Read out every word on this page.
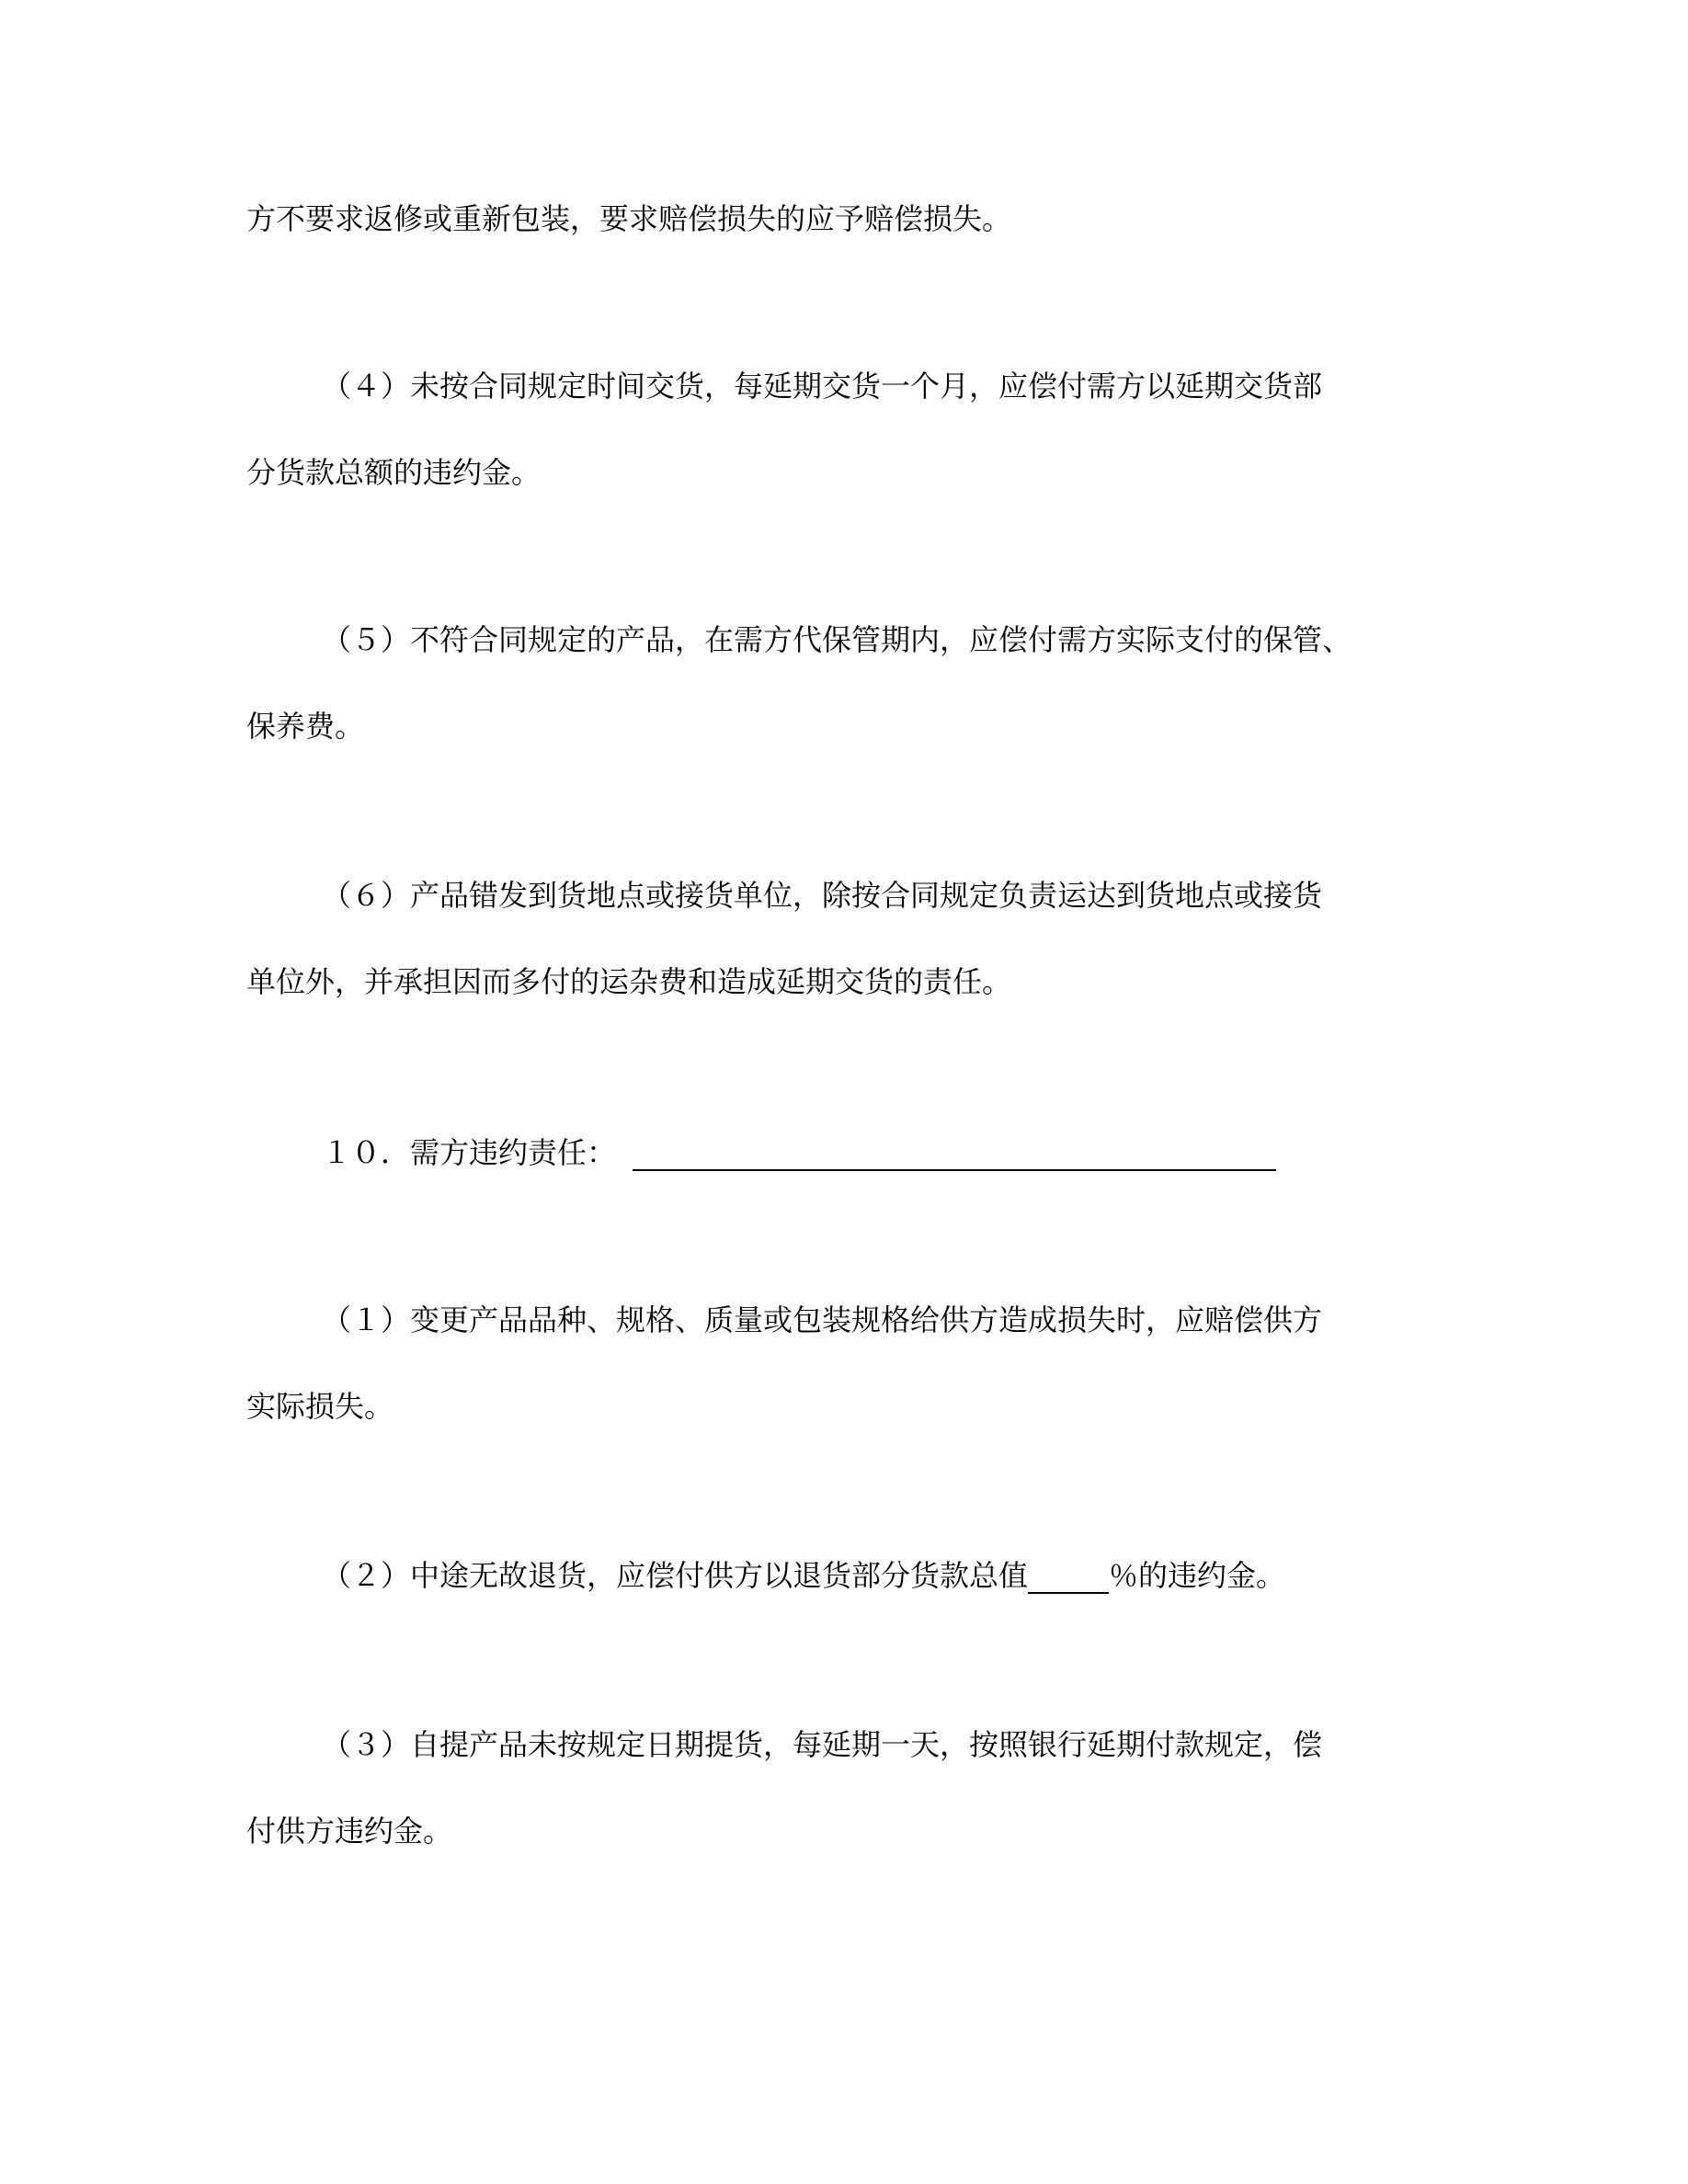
方不要求返修或重新包装，要求赔偿损失的应予赔偿损失。
（４）未按合同规定时间交货，每延期交货一个月，应偿付需方以延期交货部
分货款总额的违约金。
（５）不符合同规定的产品，在需方代保管期内，应偿付需方实际支付的保管、
保养费。
（６）产品错发到货地点或接货单位，除按合同规定负责运达到货地点或接货
单位外，并承担因而多付的运杂费和造成延期交货的责任。
１０．需方违约责任：
（１）变更产品品种、规格、质量或包装规格给供方造成损失时，应赔偿供方
实际损失。
（２）中途无故退货，应偿付供方以退货部分货款总值	％的违约金。
（３）自提产品未按规定日期提货，每延期一天，按照银行延期付款规定，偿
付供方违约金。
